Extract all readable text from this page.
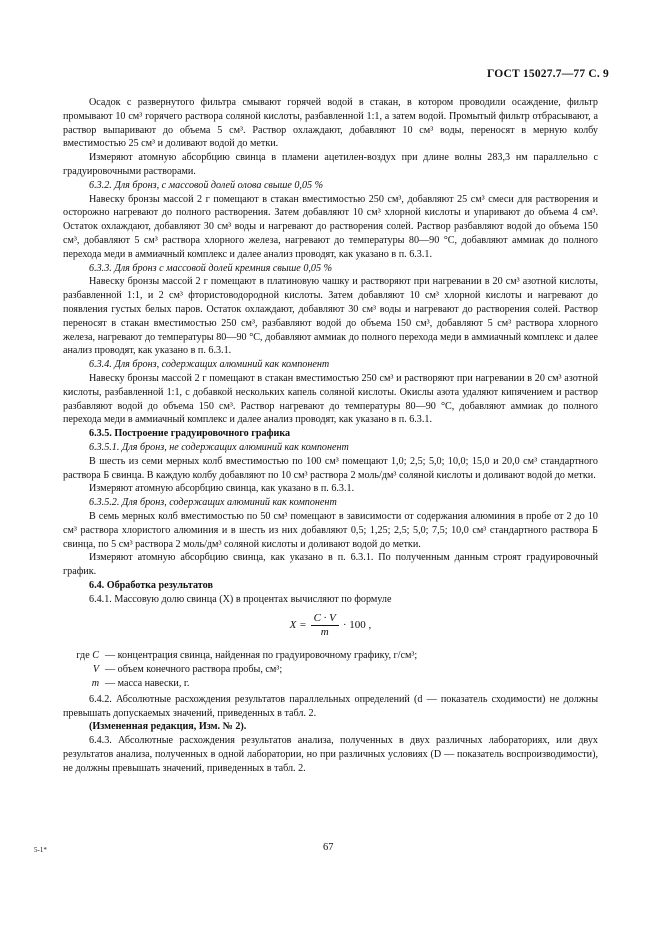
ГОСТ 15027.7—77 С. 9

Осадок с развернутого фильтра смывают горячей водой в стакан, в котором проводили осаждение, фильтр промывают 10 см³ горячего раствора соляной кислоты, разбавленной 1:1, а затем водой. Промытый фильтр отбрасывают, а раствор выпаривают до объема 5 см³. Раствор охлаждают, добавляют 10 см³ воды, переносят в мерную колбу вместимостью 25 см³ и доливают водой до метки.

Измеряют атомную абсорбцию свинца в пламени ацетилен-воздух при длине волны 283,3 нм параллельно с градуировочными растворами.

6.3.2. Для бронз, с массовой долей олова свыше 0,05 %

Навеску бронзы массой 2 г помещают в стакан вместимостью 250 см³, добавляют 25 см³ смеси для растворения и осторожно нагревают до полного растворения. Затем добавляют 10 см³ хлорной кислоты и упаривают до объема 4 см³. Остаток охлаждают, добавляют 30 см³ воды и нагревают до растворения солей. Раствор разбавляют водой до объема 150 см³, добавляют 5 см³ раствора хлорного железа, нагревают до температуры 80—90 °С, добавляют аммиак до полного перехода меди в аммиачный комплекс и далее анализ проводят, как указано в п. 6.3.1.

6.3.3. Для бронз с массовой долей кремния свыше 0,05 %

Навеску бронзы массой 2 г помещают в платиновую чашку и растворяют при нагревании в 20 см³ азотной кислоты, разбавленной 1:1, и 2 см³ фтористоводородной кислоты. Затем добавляют 10 см³ хлорной кислоты и нагревают до появления густых белых паров. Остаток охлаждают, добавляют 30 см³ воды и нагревают до растворения солей. Раствор переносят в стакан вместимостью 250 см³, разбавляют водой до объема 150 см³, добавляют 5 см³ раствора хлорного железа, нагревают до температуры 80—90 °С, добавляют аммиак до полного перехода меди в аммиачный комплекс и далее анализ проводят, как указано в п. 6.3.1.

6.3.4. Для бронз, содержащих алюминий как компонент

Навеску бронзы массой 2 г помещают в стакан вместимостью 250 см³ и растворяют при нагревании в 20 см³ азотной кислоты, разбавленной 1:1, с добавкой нескольких капель соляной кислоты. Окислы азота удаляют кипячением и раствор разбавляют водой до объема 150 см³. Раствор нагревают до температуры 80—90 °С, добавляют аммиак до полного перехода меди в аммиачный комплекс и далее анализ проводят, как указано в п. 6.3.1.

6.3.5. Построение градуировочного графика

6.3.5.1. Для бронз, не содержащих алюминий как компонент

В шесть из семи мерных колб вместимостью по 100 см³ помещают 1,0; 2,5; 5,0; 10,0; 15,0 и 20,0 см³ стандартного раствора Б свинца. В каждую колбу добавляют по 10 см³ раствора 2 моль/дм³ соляной кислоты и доливают водой до метки.

Измеряют атомную абсорбцию свинца, как указано в п. 6.3.1.

6.3.5.2. Для бронз, содержащих алюминий как компонент

В семь мерных колб вместимостью по 50 см³ помещают в зависимости от содержания алюминия в пробе от 2 до 10 см³ раствора хлористого алюминия и в шесть из них добавляют 0,5; 1,25; 2,5; 5,0; 7,5; 10,0 см³ стандартного раствора Б свинца, по 5 см³ раствора 2 моль/дм³ соляной кислоты и доливают водой до метки.

Измеряют атомную абсорбцию свинца, как указано в п. 6.3.1. По полученным данным строят градуировочный график.

6.4. Обработка результатов

6.4.1. Массовую долю свинца (X) в процентах вычисляют по формуле

$X = \frac{C \cdot V}{m} \cdot 100$ ,
где C — концентрация свинца, найденная по градуировочному графику, г/см³;
V — объем конечного раствора пробы, см³;
m — масса навески, г.

6.4.2. Абсолютные расхождения результатов параллельных определений (d — показатель сходимости) не должны превышать допускаемых значений, приведенных в табл. 2.

(Измененная редакция, Изм. № 2).

6.4.3. Абсолютные расхождения результатов анализа, полученных в двух различных лабораториях, или двух результатов анализа, полученных в одной лаборатории, но при различных условиях (D — показатель воспроизводимости), не должны превышать значений, приведенных в табл. 2.

5-1*	67
